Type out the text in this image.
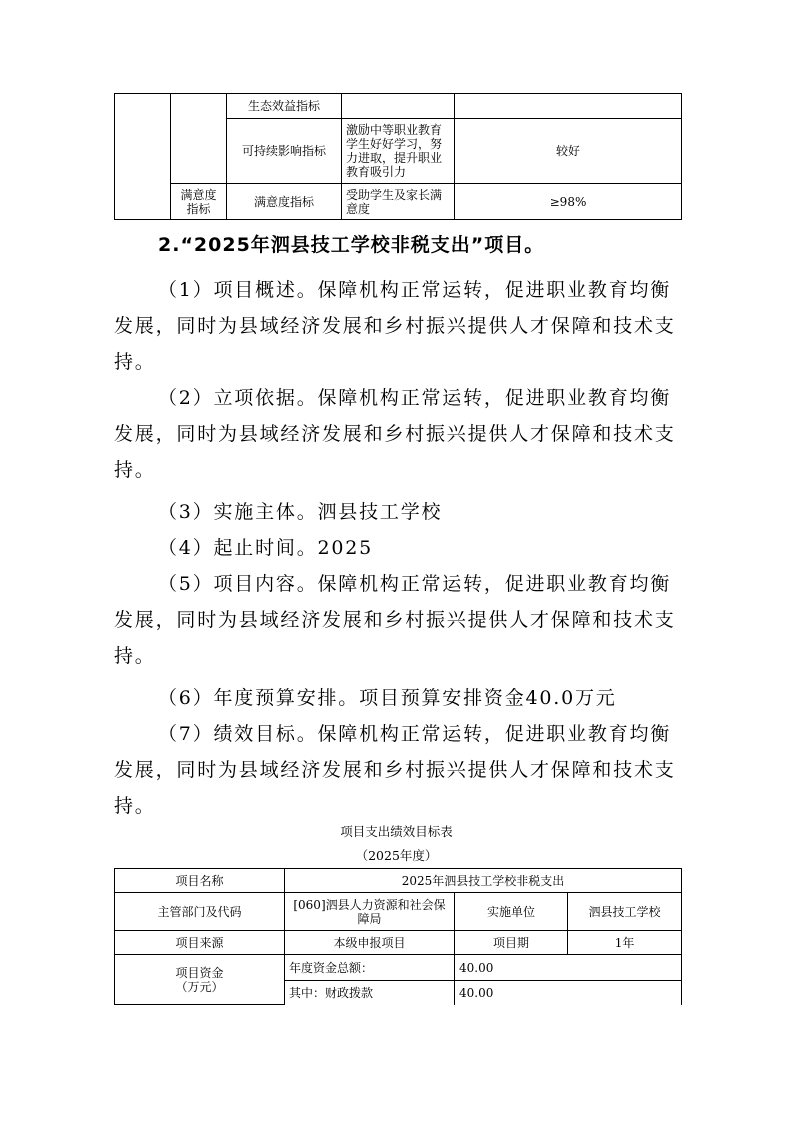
		生态效益指标		
		可持续影响指标	激励中等职业教育学生好好学习，努力进取，提升职业教育吸引力	较好
	满意度指标	满意度指标	受助学生及家长满意度	≥98%
2.“2025年泗县技工学校非税支出”项目。

（1）项目概述。保障机构正常运转，促进职业教育均衡发展，同时为县域经济发展和乡村振兴提供人才保障和技术支持。

（2）立项依据。保障机构正常运转，促进职业教育均衡发展，同时为县域经济发展和乡村振兴提供人才保障和技术支持。

（3）实施主体。泗县技工学校

（4）起止时间。2025

（5）项目内容。保障机构正常运转，促进职业教育均衡发展，同时为县域经济发展和乡村振兴提供人才保障和技术支持。

（6）年度预算安排。项目预算安排资金40.0万元

（7）绩效目标。保障机构正常运转，促进职业教育均衡发展，同时为县域经济发展和乡村振兴提供人才保障和技术支持。

项目支出绩效目标表
（2025年度）
项目名称	2025年泗县技工学校非税支出		
主管部门及代码	[060]泗县人力资源和社会保障局	实施单位	泗县技工学校
项目来源	本级申报项目	项目期	1年
项目资金（万元）	年度资金总额：	40.00	
	其中：财政拨款	40.00	
